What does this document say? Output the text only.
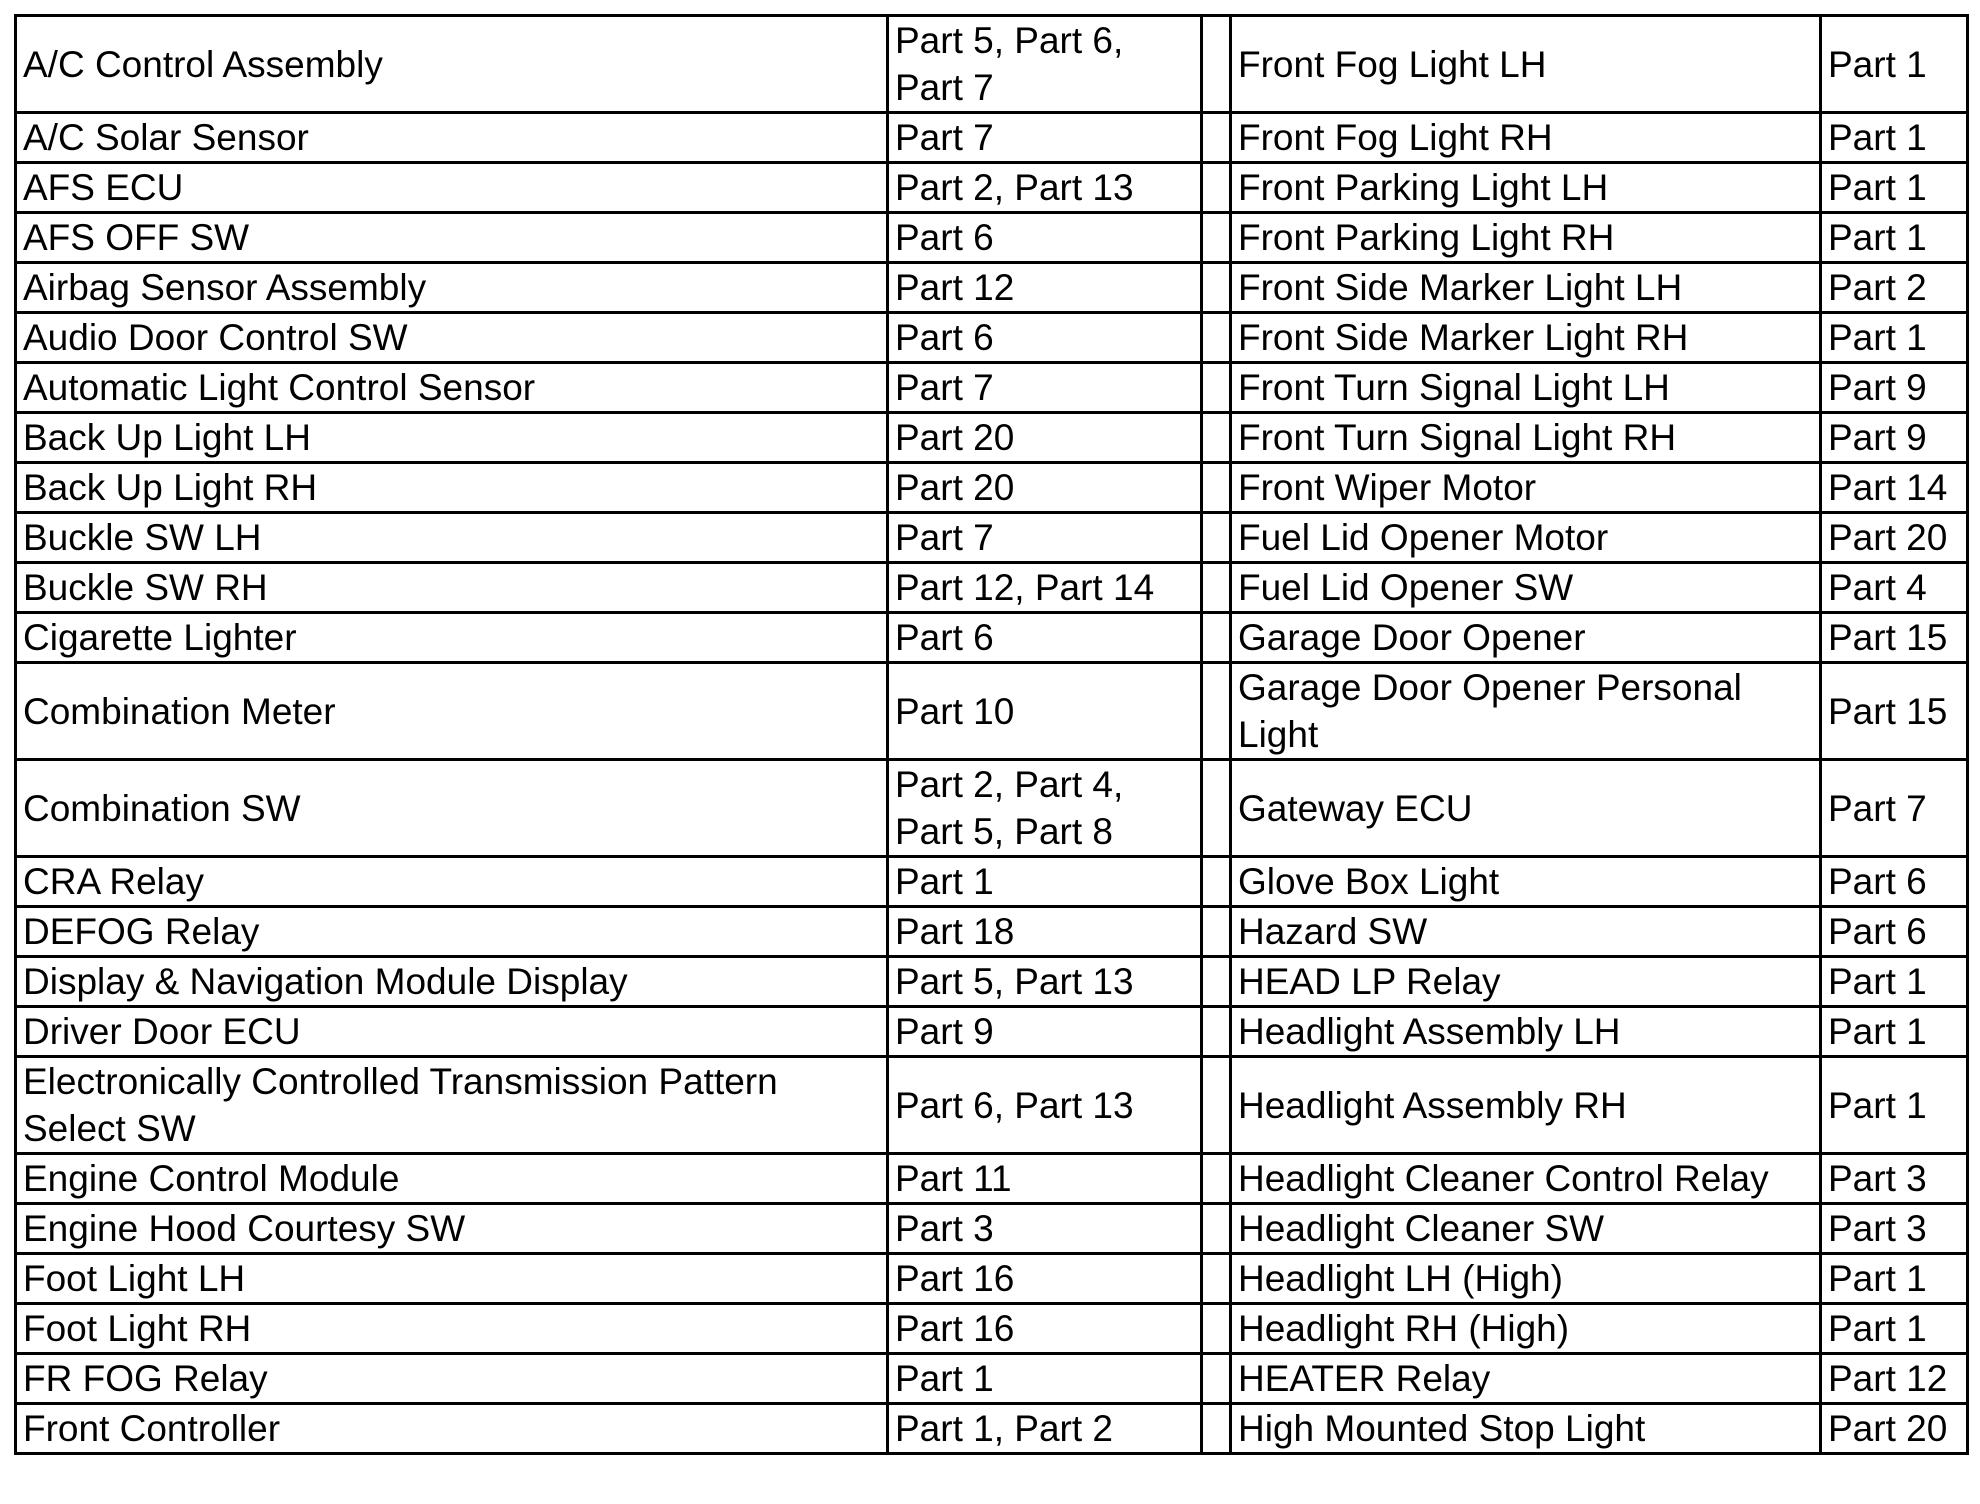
A/C Control Assembly	Part 5, Part 6, Part 7		Front Fog Light LH	Part 1
A/C Solar Sensor	Part 7		Front Fog Light RH	Part 1
AFS ECU	Part 2, Part 13		Front Parking Light LH	Part 1
AFS OFF SW	Part 6		Front Parking Light RH	Part 1
Airbag Sensor Assembly	Part 12		Front Side Marker Light LH	Part 2
Audio Door Control SW	Part 6		Front Side Marker Light RH	Part 1
Automatic Light Control Sensor	Part 7		Front Turn Signal Light LH	Part 9
Back Up Light LH	Part 20		Front Turn Signal Light RH	Part 9
Back Up Light RH	Part 20		Front Wiper Motor	Part 14
Buckle SW LH	Part 7		Fuel Lid Opener Motor	Part 20
Buckle SW RH	Part 12, Part 14		Fuel Lid Opener SW	Part 4
Cigarette Lighter	Part 6		Garage Door Opener	Part 15
Combination Meter	Part 10		Garage Door Opener Personal Light	Part 15
Combination SW	Part 2, Part 4, Part 5, Part 8		Gateway ECU	Part 7
CRA Relay	Part 1		Glove Box Light	Part 6
DEFOG Relay	Part 18		Hazard SW	Part 6
Display & Navigation Module Display	Part 5, Part 13		HEAD LP Relay	Part 1
Driver Door ECU	Part 9		Headlight Assembly LH	Part 1
Electronically Controlled Transmission Pattern Select SW	Part 6, Part 13		Headlight Assembly RH	Part 1
Engine Control Module	Part 11		Headlight Cleaner Control Relay	Part 3
Engine Hood Courtesy SW	Part 3		Headlight Cleaner SW	Part 3
Foot Light LH	Part 16		Headlight LH (High)	Part 1
Foot Light RH	Part 16		Headlight RH (High)	Part 1
FR FOG Relay	Part 1		HEATER Relay	Part 12
Front Controller	Part 1, Part 2		High Mounted Stop Light	Part 20
